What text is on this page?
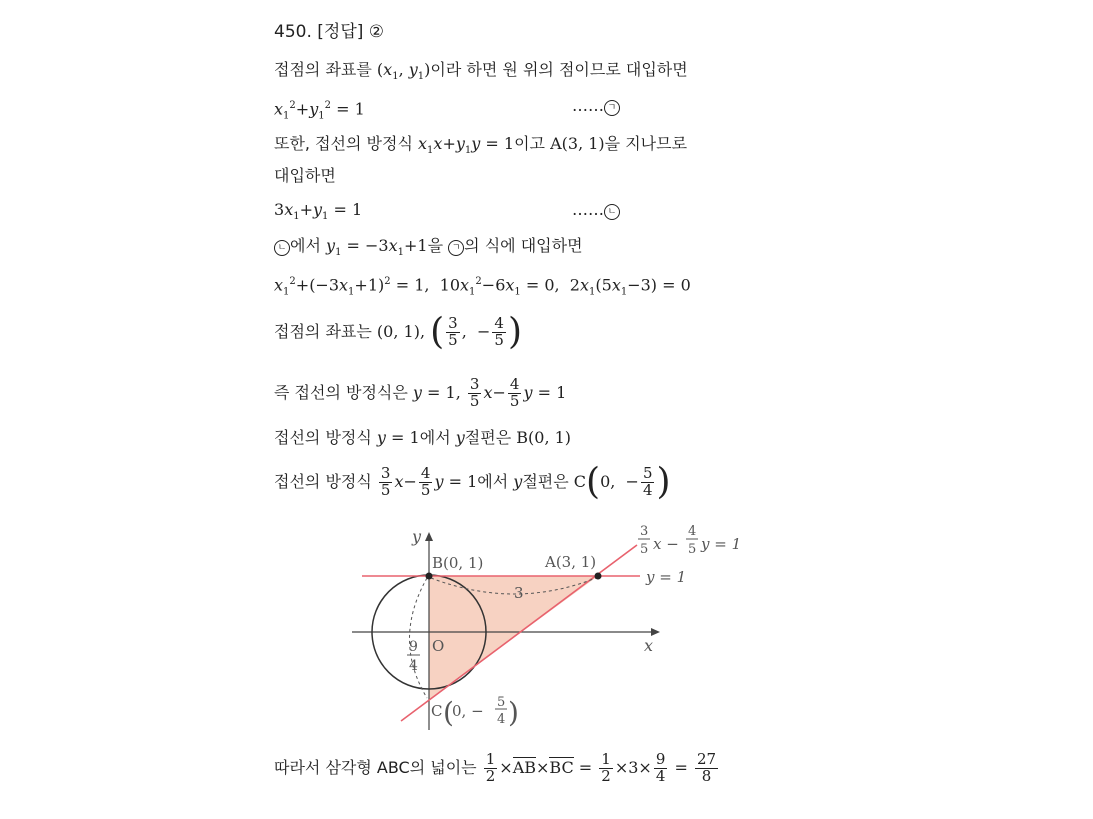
450. [정답] ②
접점의 좌표를 ($x_1$, $y_1$)이라 하면 원 위의 점이므로 대입하면
$x_1^2+y_1^2 = 1$	…… ㄱ
또한, 접선의 방정식 $x_1x+y_1y = 1$이고 A(3, 1)을 지나므로
대입하면
$3x_1+y_1 = 1$	…… ㄴ
ㄴ 에서 $y_1 = -3x_1+1$을 ㄱ 의 식에 대입하면
$x_1^2+(-3x_1+1)^2 = 1$,  $10x_1^2-6x_1 = 0$,  $2x_1(5x_1-3) = 0$
접점의 좌표는 (0, 1), ( $\frac{3}{5}$ ,  − $\frac{4}{5}$ )
즉 접선의 방정식은 y = 1, $\frac{3}{5} x- \frac{4}{5}$ y = 1
접선의 방정식 y = 1에서 y절편은 B(0, 1)
접선의 방정식 $\frac{3}{5} x- \frac{4}{5}$ y = 1에서 y절편은 C(0,  − $\frac{5}{4}$ )
y
x
B(0, 1)	A(3, 1)
O
3
9
4
y = 1
C (
0, − 5
4 )
3
5 x −
4
5 y = 1
따라서 삼각형 ABC의 넓이는 $\frac{1}{2} \times AB\times BC = \frac{1}{2} \times 3\times \frac{9}{4} = \frac{27}{8}$
